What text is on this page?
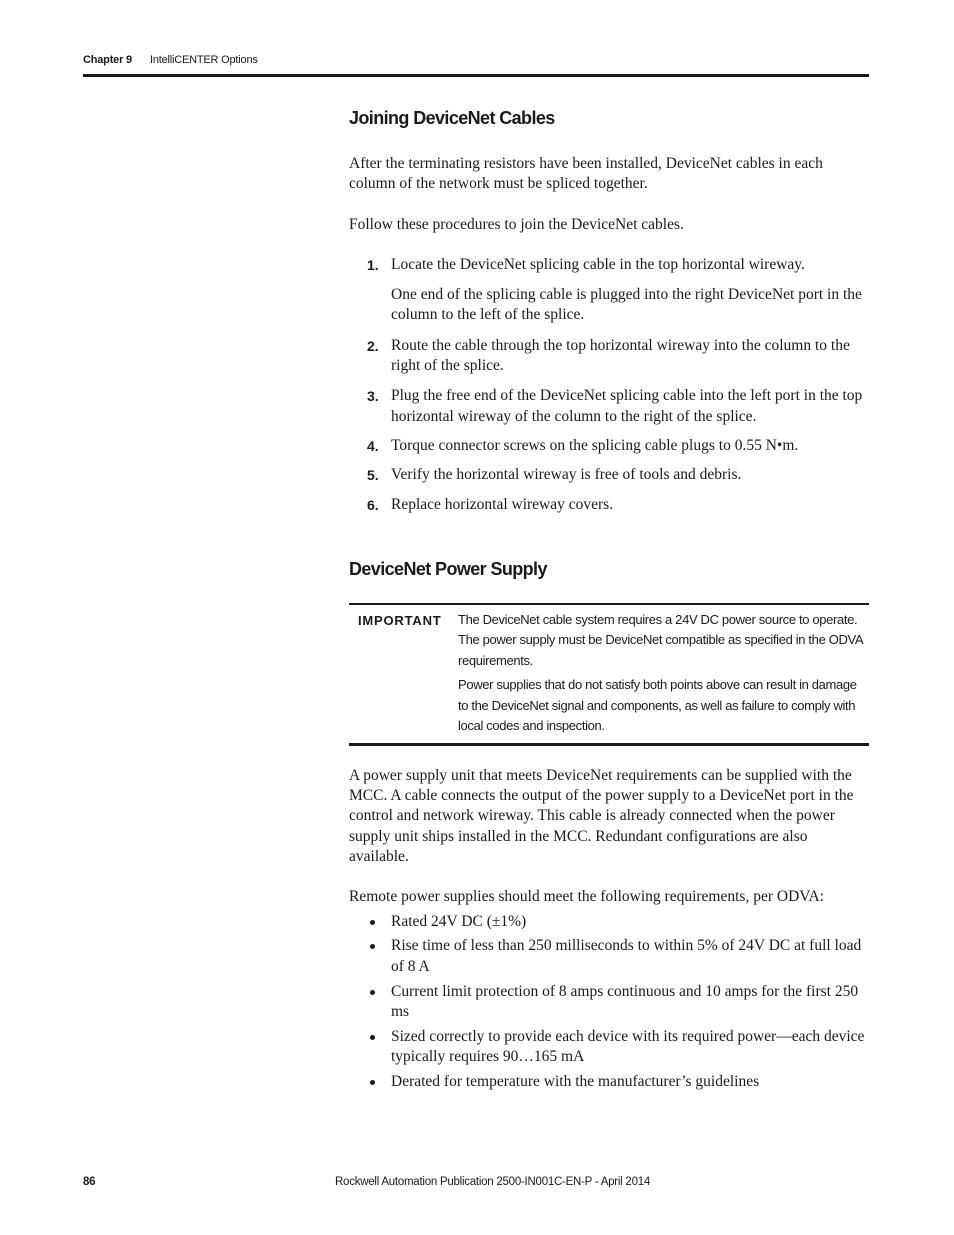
Chapter 9 IntelliCENTER Options
Joining DeviceNet Cables

After the terminating resistors have been installed, DeviceNet cables in each column of the network must be spliced together.

Follow these procedures to join the DeviceNet cables.

1. Locate the DeviceNet splicing cable in the top horizontal wireway.
One end of the splicing cable is plugged into the right DeviceNet port in the column to the left of the splice.
2. Route the cable through the top horizontal wireway into the column to the right of the splice.
3. Plug the free end of the DeviceNet splicing cable into the left port in the top horizontal wireway of the column to the right of the splice.
4. Torque connector screws on the splicing cable plugs to 0.55 N•m.
5. Verify the horizontal wireway is free of tools and debris.
6. Replace horizontal wireway covers.
DeviceNet Power Supply
IMPORTANT The DeviceNet cable system requires a 24V DC power source to operate. The power supply must be DeviceNet compatible as specified in the ODVA requirements.

Power supplies that do not satisfy both points above can result in damage to the DeviceNet signal and components, as well as failure to comply with local codes and inspection.

A power supply unit that meets DeviceNet requirements can be supplied with the MCC. A cable connects the output of the power supply to a DeviceNet port in the control and network wireway. This cable is already connected when the power supply unit ships installed in the MCC. Redundant configurations are also available.

Remote power supplies should meet the following requirements, per ODVA:

Rated 24V DC (±1%)
Rise time of less than 250 milliseconds to within 5% of 24V DC at full load of 8 A
Current limit protection of 8 amps continuous and 10 amps for the first 250 ms
Sized correctly to provide each device with its required power—each device typically requires 90…165 mA
Derated for temperature with the manufacturer’s guidelines
86	Rockwell Automation Publication 2500-IN001C-EN-P - April 2014
